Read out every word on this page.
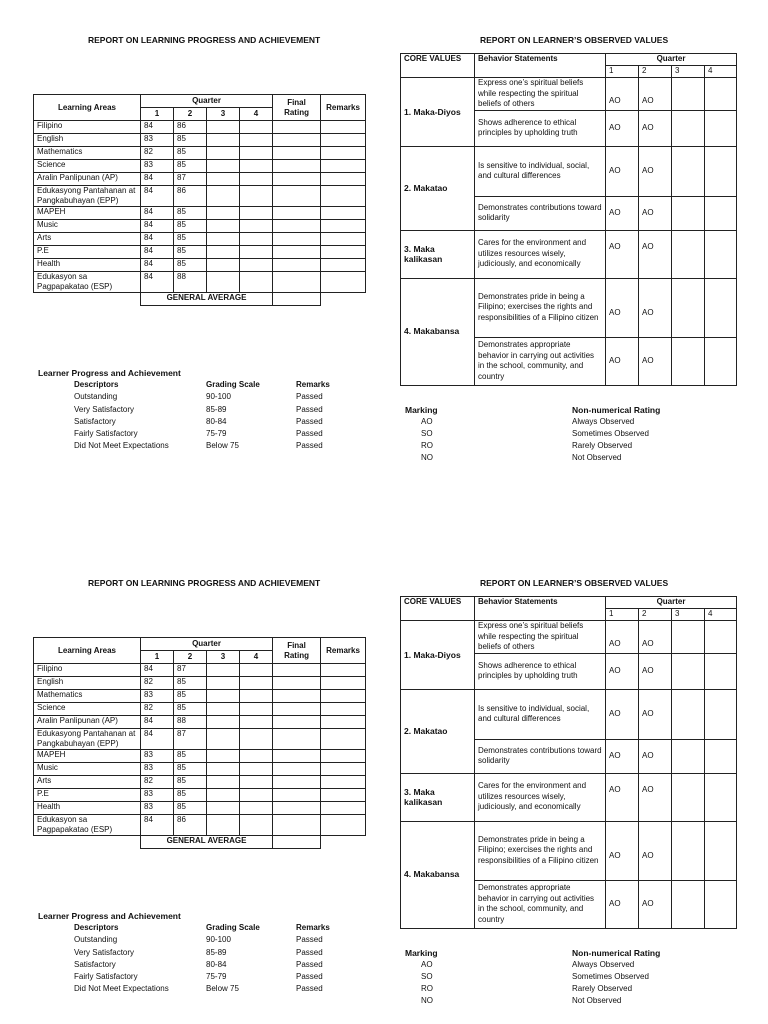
REPORT ON LEARNING PROGRESS AND ACHIEVEMENT	REPORT ON LEARNER’S OBSERVED VALUES
Learning Areas	Quarter				Final Rating	Remarks
	1	2	3	4		
Filipino	84	86				
English	83	85				
Mathematics	82	85				
Science	83	85				
Aralin Panlipunan (AP)	84	87				
Edukasyong Pantahanan at Pangkabuhayan (EPP)	84	86				
MAPEH	84	85				
Music	84	85				
Arts	84	85				
P.E	84	85				
Health	84	85				
Edukasyon sa Pagpapakatao (ESP)	84	88				
	GENERAL AVERAGE					
Learner Progress and Achievement
Descriptors	Grading Scale	Remarks
Outstanding	90-100	Passed
Very Satisfactory	85-89	Passed
Satisfactory	80-84	Passed
Fairly Satisfactory	75-79	Passed
Did Not Meet Expectations	Below 75	Passed
CORE VALUES	Behavior Statements	Quarter			
		1	2	3	4
1. Maka-Diyos	Express one’s spiritual beliefs while respecting the spiritual beliefs of others	AO	AO		
	Shows adherence to ethical principles by upholding truth	AO	AO		
2. Makatao	Is sensitive to individual, social, and cultural differences	AO	AO		
	Demonstrates contributions toward solidarity	AO	AO		
3. Maka kalikasan	Cares for the environment and utilizes resources wisely, judiciously, and economically	AO	AO		
4. Makabansa	Demonstrates pride in being a Filipino; exercises the rights and responsibilities of a Filipino citizen	AO	AO		
	Demonstrates appropriate behavior in carrying out activities in the school, community, and country	AO	AO		
Marking	Non-numerical Rating
AO	Always Observed
SO	Sometimes Observed
RO	Rarely Observed
NO	Not Observed
REPORT ON LEARNING PROGRESS AND ACHIEVEMENT	REPORT ON LEARNER’S OBSERVED VALUES
Learning Areas	Quarter				Final Rating	Remarks
	1	2	3	4		
Filipino	84	87				
English	82	85				
Mathematics	83	85				
Science	82	85				
Aralin Panlipunan (AP)	84	88				
Edukasyong Pantahanan at Pangkabuhayan (EPP)	84	87				
MAPEH	83	85				
Music	83	85				
Arts	82	85				
P.E	83	85				
Health	83	85				
Edukasyon sa Pagpapakatao (ESP)	84	86				
	GENERAL AVERAGE					
Learner Progress and Achievement
Descriptors	Grading Scale	Remarks
Outstanding	90-100	Passed
Very Satisfactory	85-89	Passed
Satisfactory	80-84	Passed
Fairly Satisfactory	75-79	Passed
Did Not Meet Expectations	Below 75	Passed
CORE VALUES	Behavior Statements	Quarter			
		1	2	3	4
1. Maka-Diyos	Express one’s spiritual beliefs while respecting the spiritual beliefs of others	AO	AO		
	Shows adherence to ethical principles by upholding truth	AO	AO		
2. Makatao	Is sensitive to individual, social, and cultural differences	AO	AO		
	Demonstrates contributions toward solidarity	AO	AO		
3. Maka kalikasan	Cares for the environment and utilizes resources wisely, judiciously, and economically	AO	AO		
4. Makabansa	Demonstrates pride in being a Filipino; exercises the rights and responsibilities of a Filipino citizen	AO	AO		
	Demonstrates appropriate behavior in carrying out activities in the school, community, and country	AO	AO		
Marking	Non-numerical Rating
AO	Always Observed
SO	Sometimes Observed
RO	Rarely Observed
NO	Not Observed
